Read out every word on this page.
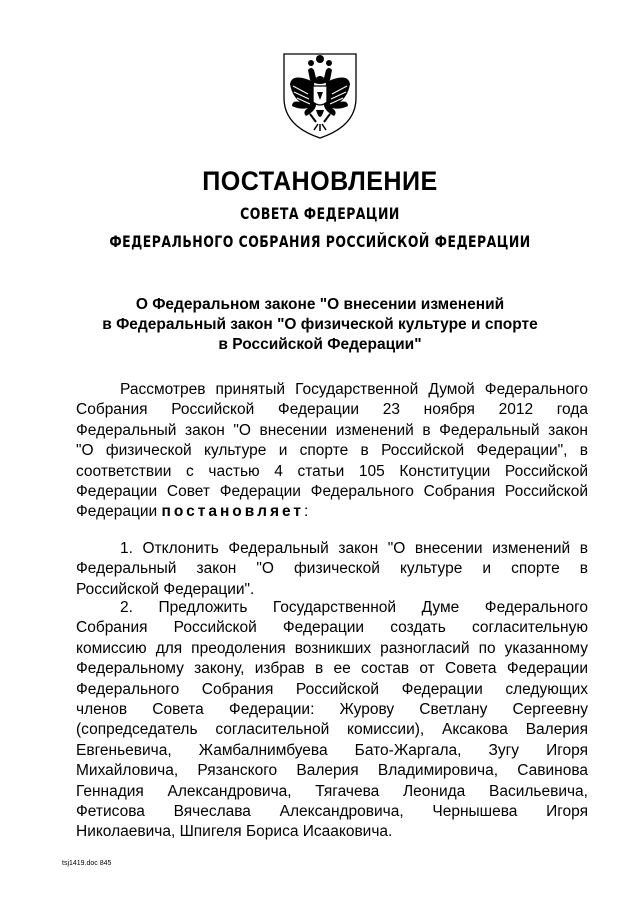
ПОСТАНОВЛЕНИЕ
СОВЕТА ФЕДЕРАЦИИ
ФЕДЕРАЛЬНОГО СОБРАНИЯ РОССИЙСКОЙ ФЕДЕРАЦИИ
О Федеральном законе "О внесении изменений
в Федеральный закон "О физической культуре и спорте
в Российской Федерации"
Рассмотрев принятый Государственной Думой Федерального
Собрания Российской Федерации 23 ноября 2012 года
Федеральный закон "О внесении изменений в Федеральный закон
"О физической культуре и спорте в Российской Федерации", в
соответствии с частью 4 статьи 105 Конституции Российской
Федерации Совет Федерации Федерального Собрания Российской
Федерации постановляет:
1. Отклонить Федеральный закон "О внесении изменений в
Федеральный закон "О физической культуре и спорте в
Российской Федерации".
2. Предложить Государственной Думе Федерального
Собрания Российской Федерации создать согласительную
комиссию для преодоления возникших разногласий по указанному
Федеральному закону, избрав в ее состав от Совета Федерации
Федерального Собрания Российской Федерации следующих
членов Совета Федерации: Журову Светлану Сергеевну
(сопредседатель согласительной комиссии), Аксакова Валерия
Евгеньевича, Жамбалнимбуева Бато-Жаргала, Зугу Игоря
Михайловича, Рязанского Валерия Владимировича, Савинова
Геннадия Александровича, Тягачева Леонида Васильевича,
Фетисова Вячеслава Александровича, Чернышева Игоря
Николаевича, Шпигеля Бориса Исааковича.
tsj1419.doc 845
